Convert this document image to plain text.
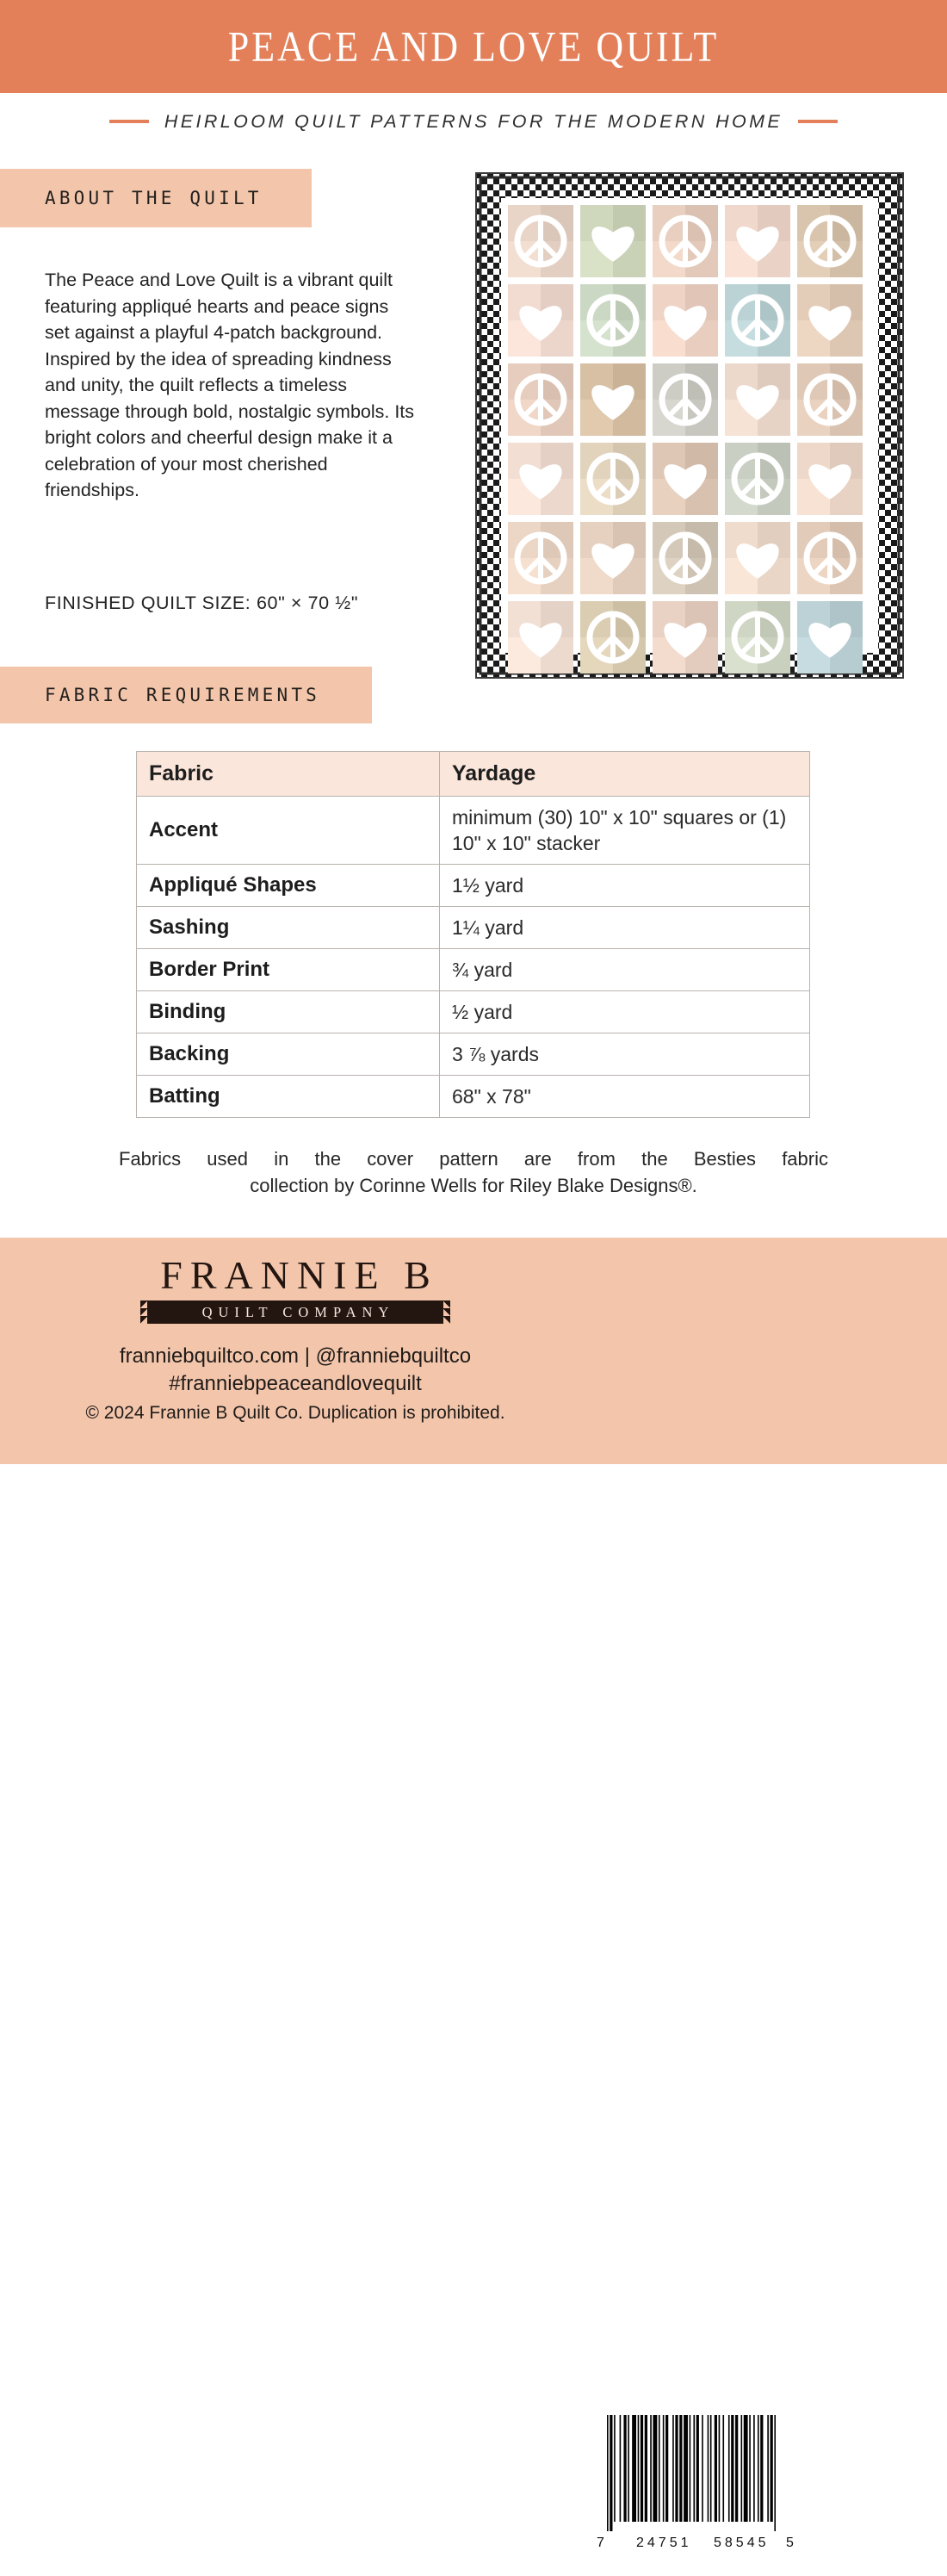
PEACE AND LOVE QUILT
HEIRLOOM QUILT PATTERNS FOR THE MODERN HOME
ABOUT THE QUILT
The Peace and Love Quilt is a vibrant quilt featuring appliqué hearts and peace signs set against a playful 4-patch background. Inspired by the idea of spreading kindness and unity, the quilt reflects a timeless message through bold, nostalgic symbols. Its bright colors and cheerful design make it a celebration of your most cherished friendships.
FINISHED QUILT SIZE: 60" × 70 ½"
FABRIC REQUIREMENTS
Fabric	Yardage
Accent	minimum (30) 10" x 10" squares or (1) 10" x 10" stacker
Appliqué Shapes	1½ yard
Sashing	1¼ yard
Border Print	¾ yard
Binding	½ yard
Backing	3 ⅞ yards
Batting	68" x 78"
Fabrics used in the cover pattern are from the Besties fabric
collection by Corinne Wells for Riley Blake Designs®.
FRANNIE B
QUILT COMPANY
franniebquiltco.com | @franniebquiltco
#franniebpeaceandlovequilt
© 2024 Frannie B Quilt Co. Duplication is prohibited.
7 24751 58545 5
